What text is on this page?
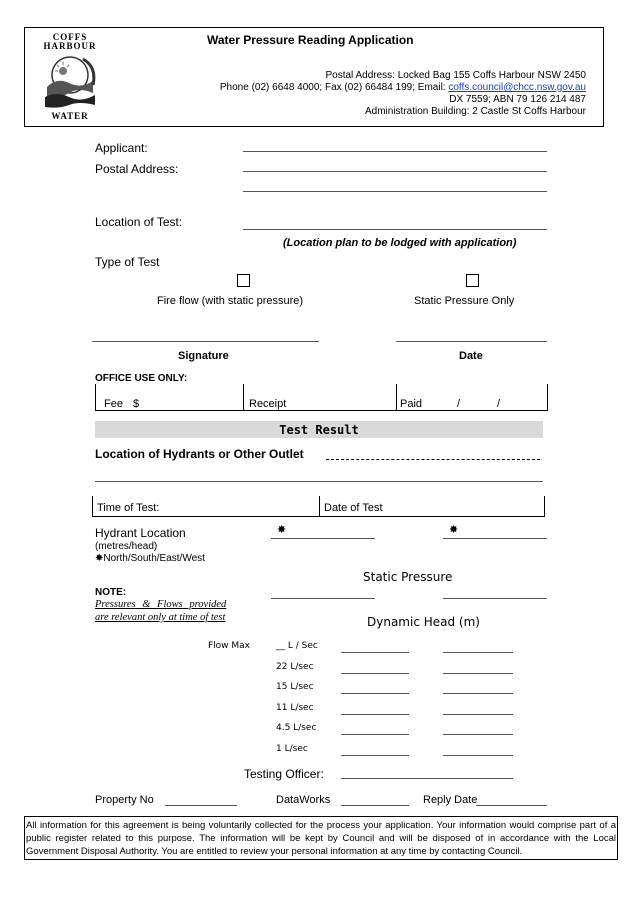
COFFS HARBOUR
WATER
Water Pressure Reading Application
Postal Address: Locked Bag 155 Coffs Harbour NSW 2450
Phone (02) 6648 4000; Fax (02) 66484 199; Email: coffs.council@chcc.nsw.gov.au
DX 7559; ABN 79 126 214 487
Administration Building: 2 Castle St Coffs Harbour
Applicant:
Postal Address:
Location of Test:
(Location plan to be lodged with application)
Type of Test
Fire flow (with static pressure)	Static Pressure Only
Signature	Date
OFFICE USE ONLY:
Fee $	Receipt	Paid	/	/
Test Result
Location of Hydrants or Other Outlet
Time of Test:	Date of Test
Hydrant Location	✸	✸
(metres/head)
✸North/South/East/West
Static Pressure
NOTE:
Pressures & Flows provided
are relevant only at time of test	Dynamic Head (m)
Flow Max	__ L / Sec
22 L/sec
15 L/sec
11 L/sec
4.5 L/sec
1 L/sec
Testing Officer:
Property No	DataWorks	Reply Date
All information for this agreement is being voluntarily collected for the process your application. Your information would comprise part of a public register related to this purpose. The information will be kept by Council and will be disposed of in accordance with the Local Government Disposal Authority. You are entitled to review your personal information at any time by contacting Council.
